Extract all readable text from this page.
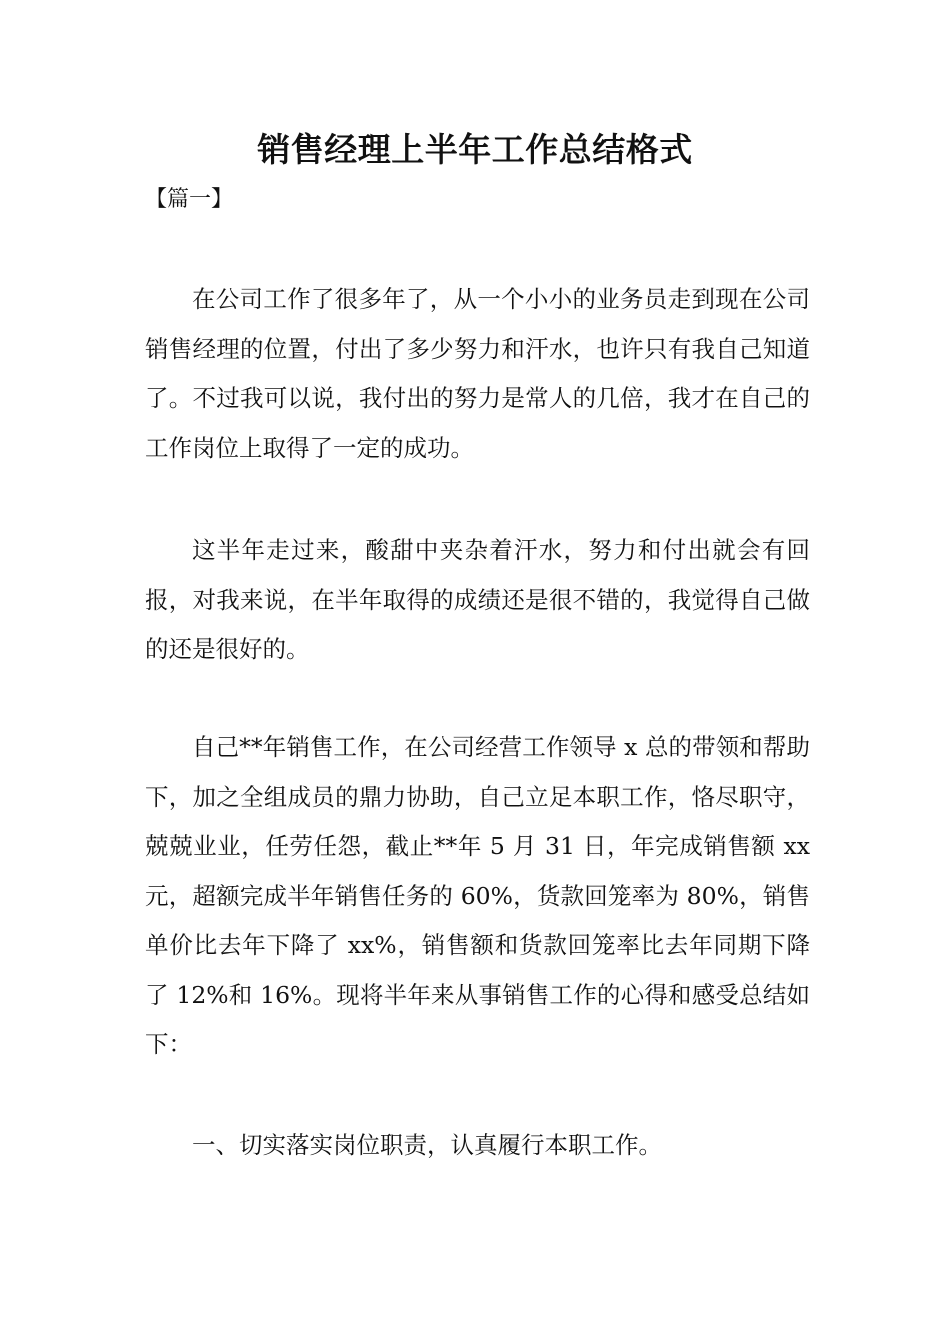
销售经理上半年工作总结格式

【篇一】

在公司工作了很多年了，从一个小小的业务员走到现在公司销售经理的位置，付出了多少努力和汗水，也许只有我自己知道了。不过我可以说，我付出的努力是常人的几倍，我才在自己的工作岗位上取得了一定的成功。

这半年走过来，酸甜中夹杂着汗水，努力和付出就会有回报，对我来说，在半年取得的成绩还是很不错的，我觉得自己做的还是很好的。

自己**年销售工作，在公司经营工作领导 x 总的带领和帮助下，加之全组成员的鼎力协助，自己立足本职工作，恪尽职守，兢兢业业，任劳任怨，截止**年 5 月 31 日，年完成销售额 xx 元，超额完成半年销售任务的 60%，货款回笼率为 80%，销售单价比去年下降了 xx%，销售额和货款回笼率比去年同期下降了 12%和 16%。现将半年来从事销售工作的心得和感受总结如下：

一、切实落实岗位职责，认真履行本职工作。
